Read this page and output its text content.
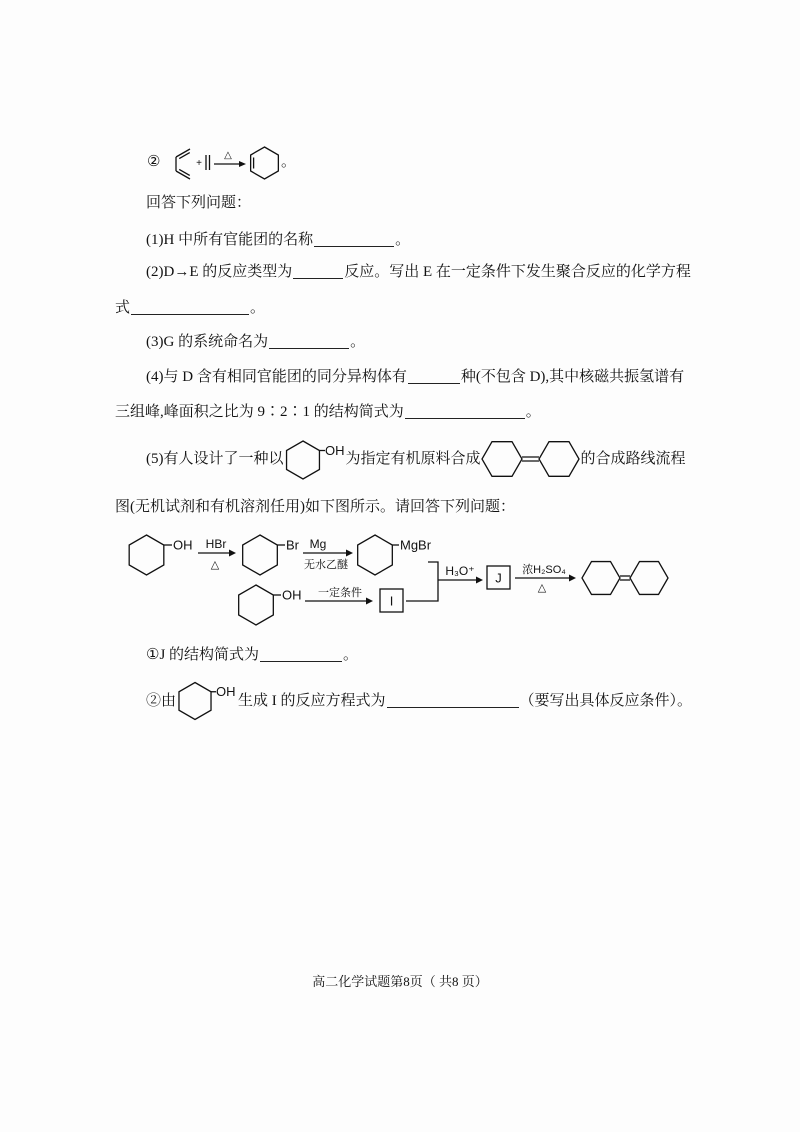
②	+
△	。
回答下列问题：
(1)H 中所有官能团的名称	。
(2)D→E 的反应类型为	反应。写出 E 在一定条件下发生聚合反应的化学方程
式	。
(3)G 的系统命名为	。
(4)与 D 含有相同官能团的同分异构体有	种(不包含 D),其中核磁共振氢谱有
三组峰,峰面积之比为 9∶2∶1 的结构简式为	。
(5)有人设计了一种以
OH
为指定有机原料合成	的合成路线流程
图(无机试剂和有机溶剂任用)如下图所示。请回答下列问题：
OH HBr
△
Br Mg
无水乙醚
MgBr
OH 一定条件
I
H₃O⁺ J
浓H₂SO₄
△
①J 的结构简式为	。
②由
OH
生成 I 的反应方程式为	（要写出具体反应条件）。
高二化学试题第8页（ 共8 页）
